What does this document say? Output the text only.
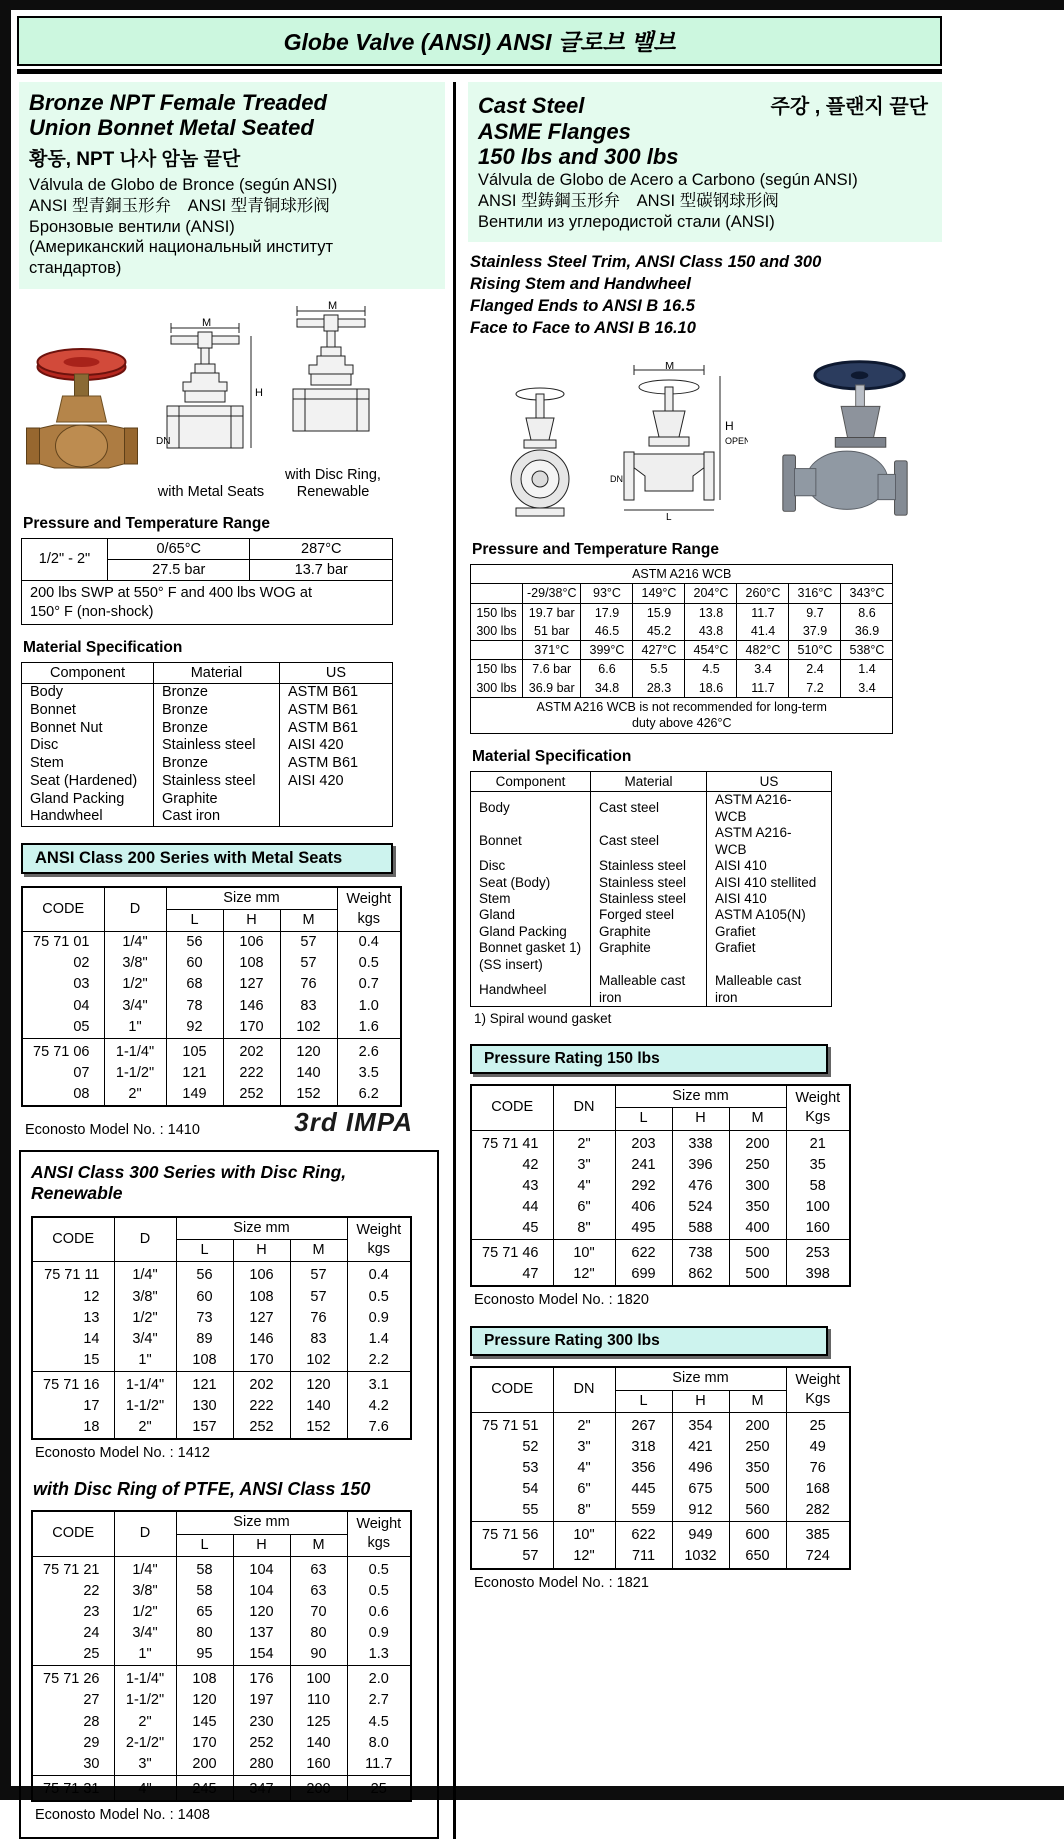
Globe Valve (ANSI) ANSI 글로브 밸브
Bronze NPT Female Treaded
Union Bonnet Metal Seated
황동, NPT 나사 암놈 끝단
Válvula de Globo de Bronce (según ANSI)
ANSI 型青銅玉形弁　ANSI 型青铜球形阀
Бронзовые вентили (ANSI)
(Американский национальный институт
стандартов)
M
H
DN
with Metal Seats
M
with Disc Ring,
Renewable
Pressure and Temperature Range
1/2" - 2"	0/65°C	287°C
	27.5 bar	13.7 bar
200 lbs SWP at 550° F and 400 lbs WOG at
150° F (non-shock)		
Material Specification
Component	Material	US
Body	Bronze	ASTM B61
Bonnet	Bronze	ASTM B61
Bonnet Nut	Bronze	ASTM B61
Disc	Stainless steel	AISI 420
Stem	Bronze	ASTM B61
Seat (Hardened)	Stainless steel	AISI 420
Gland Packing	Graphite	
Handwheel	Cast iron	
ANSI Class 200 Series with Metal Seats
CODE	D	Size mm			Weight
kgs

		L	H	M	
75 71 01	1/4"	56	106	57	0.4
02	3/8"	60	108	57	0.5
03	1/2"	68	127	76	0.7
04	3/4"	78	146	83	1.0
05	1"	92	170	102	1.6
75 71 06	1-1/4"	105	202	120	2.6
07	1-1/2"	121	222	140	3.5
08	2"	149	252	152	6.2
Econosto Model No. : 1410	3rd IMPA
ANSI Class 300 Series with Disc Ring, Renewable
CODE	D	Size mm			Weight
kgs

		L	H	M	
75 71 11	1/4"	56	106	57	0.4
12	3/8"	60	108	57	0.5
13	1/2"	73	127	76	0.9
14	3/4"	89	146	83	1.4
15	1"	108	170	102	2.2
75 71 16	1-1/4"	121	202	120	3.1
17	1-1/2"	130	222	140	4.2
18	2"	157	252	152	7.6
Econosto Model No. : 1412
with Disc Ring of PTFE, ANSI Class 150
CODE	D	Size mm			Weight
kgs

		L	H	M	
75 71 21	1/4"	58	104	63	0.5
22	3/8"	58	104	63	0.5
23	1/2"	65	120	70	0.6
24	3/4"	80	137	80	0.9
25	1"	95	154	90	1.3
75 71 26	1-1/4"	108	176	100	2.0
27	1-1/2"	120	197	110	2.7
28	2"	145	230	125	4.5
29	2-1/2"	170	252	140	8.0
30	3"	200	280	160	11.7
75 71 31	4"	245	347	200	25
Econosto Model No. : 1408
Cast Steel	주강 , 플랜지 끝단
ASME Flanges
150 lbs and 300 lbs
Válvula de Globo de Acero a Carbono (según ANSI)
ANSI 型鋳鋼玉形弁　ANSI 型碳钢球形阀
Вентили из углеродистой стали (ANSI)
Stainless Steel Trim, ANSI Class 150 and 300
Rising Stem and Handwheel
Flanged Ends to ANSI B 16.5
Face to Face to ANSI B 16.10
M
H
OPEN
DN
L
Pressure and Temperature Range
ASTM A216 WCB							
	-29/38°C	93°C	149°C	204°C	260°C	316°C	343°C
150 lbs	19.7 bar	17.9	15.9	13.8	11.7	9.7	8.6
300 lbs	51 bar	46.5	45.2	43.8	41.4	37.9	36.9
	371°C	399°C	427°C	454°C	482°C	510°C	538°C
150 lbs	7.6 bar	6.6	5.5	4.5	3.4	2.4	1.4
300 lbs	36.9 bar	34.8	28.3	18.6	11.7	7.2	3.4
ASTM A216 WCB is not recommended for long-term
duty above 426°C							
Material Specification
Component	Material	US
Body	Cast steel	ASTM A216-WCB
Bonnet	Cast steel	ASTM A216-WCB
Disc	Stainless steel	AISI 410
Seat (Body)	Stainless steel	AISI 410 stellited
Stem	Stainless steel	AISI 410
Gland	Forged steel	ASTM A105(N)
Gland Packing	Graphite	Grafiet
Bonnet gasket 1)	Graphite	Grafiet
(SS insert)		
Handwheel	Malleable cast iron	Malleable cast iron
1) Spiral wound gasket
Pressure Rating 150 lbs
CODE	DN	Size mm			Weight
Kgs

		L	H	M	
75 71 41	2"	203	338	200	21
42	3"	241	396	250	35
43	4"	292	476	300	58
44	6"	406	524	350	100
45	8"	495	588	400	160
75 71 46	10"	622	738	500	253
47	12"	699	862	500	398
Econosto Model No. : 1820
Pressure Rating 300 lbs
CODE	DN	Size mm			Weight
Kgs

		L	H	M	
75 71 51	2"	267	354	200	25
52	3"	318	421	250	49
53	4"	356	496	350	76
54	6"	445	675	500	168
55	8"	559	912	560	282
75 71 56	10"	622	949	600	385
57	12"	711	1032	650	724
Econosto Model No. : 1821
